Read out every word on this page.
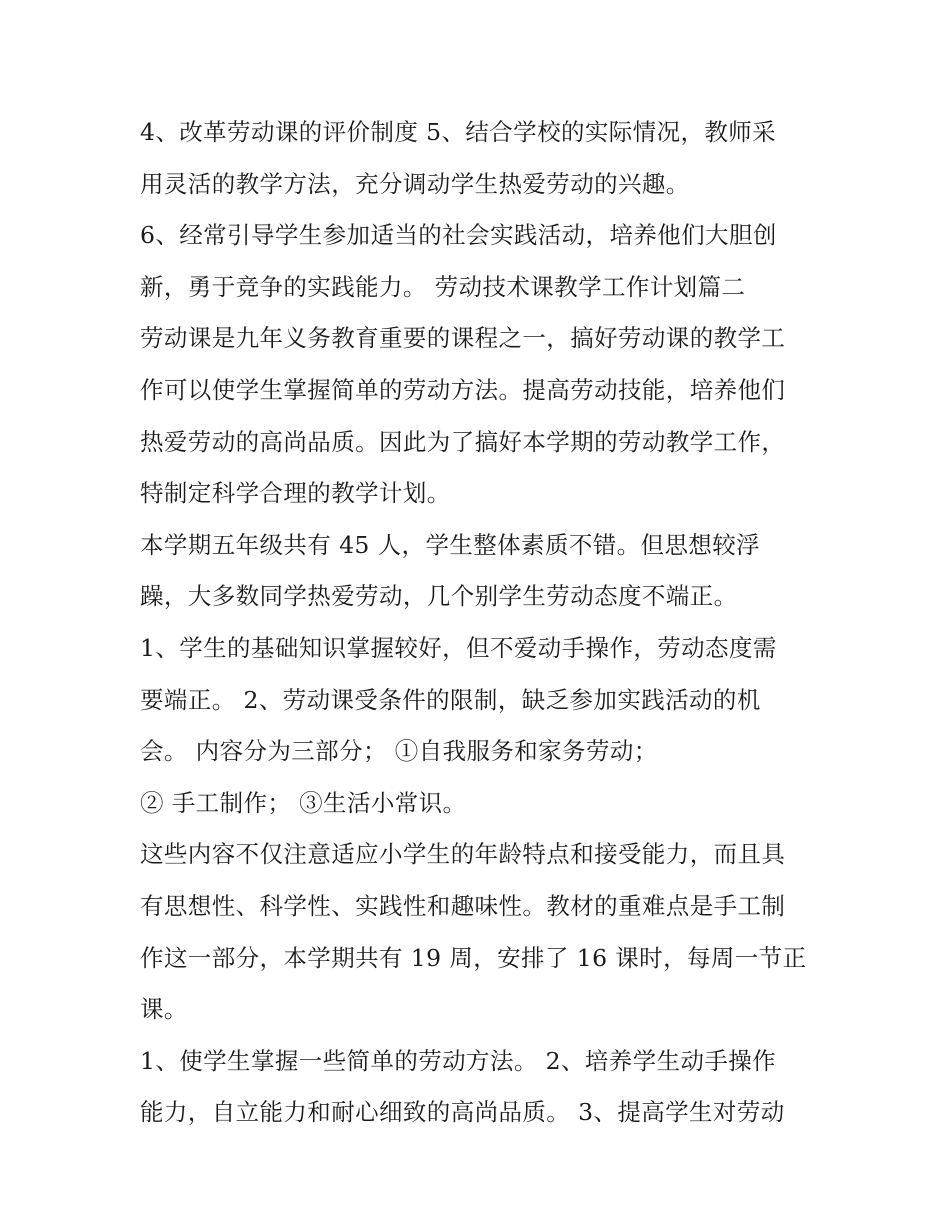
4、改革劳动课的评价制度 5、结合学校的实际情况，教师采
用灵活的教学方法，充分调动学生热爱劳动的兴趣。
6、经常引导学生参加适当的社会实践活动，培养他们大胆创
新，勇于竞争的实践能力。 劳动技术课教学工作计划篇二
劳动课是九年义务教育重要的课程之一，搞好劳动课的教学工
作可以使学生掌握简单的劳动方法。提高劳动技能，培养他们
热爱劳动的高尚品质。因此为了搞好本学期的劳动教学工作，
特制定科学合理的教学计划。
本学期五年级共有 45 人，学生整体素质不错。但思想较浮
躁，大多数同学热爱劳动，几个别学生劳动态度不端正。
1、学生的基础知识掌握较好，但不爱动手操作，劳动态度需
要端正。 2、劳动课受条件的限制，缺乏参加实践活动的机
会。 内容分为三部分； ①自我服务和家务劳动；
② 手工制作； ③生活小常识。
这些内容不仅注意适应小学生的年龄特点和接受能力，而且具
有思想性、科学性、实践性和趣味性。教材的重难点是手工制
作这一部分，本学期共有 19 周，安排了 16 课时，每周一节正
课。
1、使学生掌握一些简单的劳动方法。 2、培养学生动手操作
能力，自立能力和耐心细致的高尚品质。 3、提高学生对劳动
